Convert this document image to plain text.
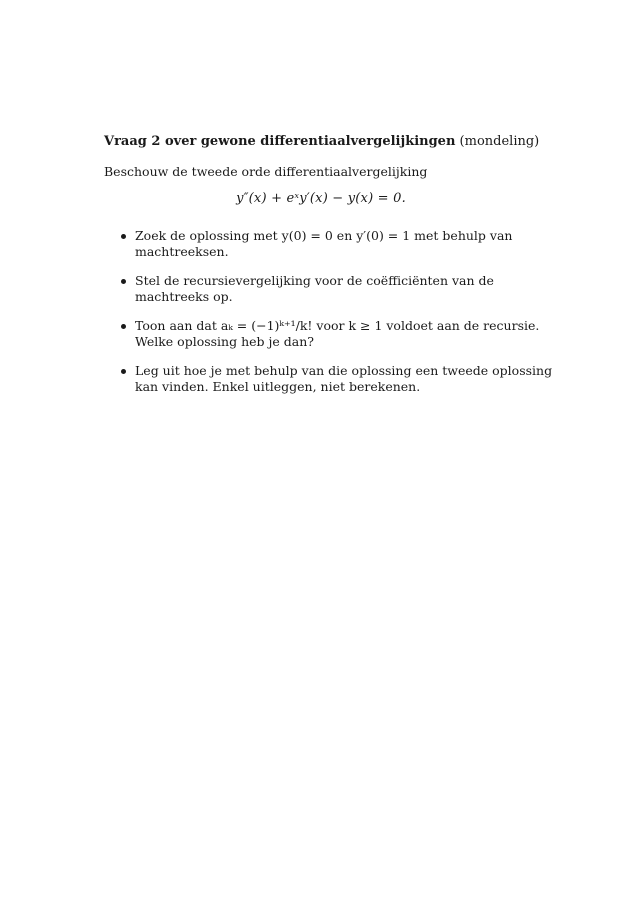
Vraag 2 over gewone differentiaalvergelijkingen (mondeling)
Beschouw de tweede orde differentiaalvergelijking
y″(x) + eˣy′(x) − y(x) = 0.
Zoek de oplossing met y(0) = 0 en y′(0) = 1 met behulp van machtreeksen.
Stel de recursievergelijking voor de coëfficiënten van de machtreeks op.
Toon aan dat aₖ = (−1)ᵏ⁺¹/k! voor k ≥ 1 voldoet aan de recursie. Welke oplossing heb je dan?
Leg uit hoe je met behulp van die oplossing een tweede oplossing kan vinden. Enkel uitleggen, niet berekenen.
